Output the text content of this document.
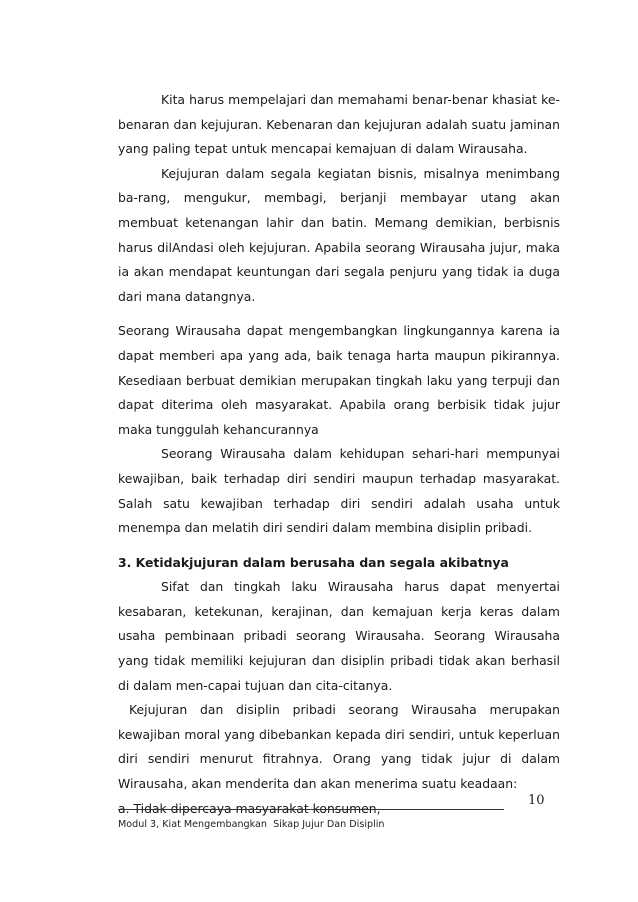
Kita harus mempelajari dan memahami benar-benar khasiat ke-benaran dan kejujuran. Kebenaran dan kejujuran adalah suatu jaminan yang paling tepat untuk mencapai kemajuan di dalam Wirausaha.

Kejujuran dalam segala kegiatan bisnis, misalnya menimbang ba-rang, mengukur, membagi, berjanji membayar utang akan membuat ketenangan lahir dan batin. Memang demikian, berbisnis harus dilAndasi oleh kejujuran. Apabila seorang Wirausaha jujur, maka ia akan mendapat keuntungan dari segala penjuru yang tidak ia duga dari mana datangnya.

Seorang Wirausaha dapat mengembangkan lingkungannya karena ia dapat memberi apa yang ada, baik tenaga harta maupun pikirannya. Kesediaan berbuat demikian merupakan tingkah laku yang terpuji dan dapat diterima oleh masyarakat. Apabila orang berbisik tidak jujur maka tunggulah kehancurannya

Seorang Wirausaha dalam kehidupan sehari-hari mempunyai kewajiban, baik terhadap diri sendiri maupun terhadap masyarakat. Salah satu kewajiban terhadap diri sendiri adalah usaha untuk menempa dan melatih diri sendiri dalam membina disiplin pribadi.

3. Ketidakjujuran dalam berusaha dan segala akibatnya

Sifat dan tingkah laku Wirausaha harus dapat menyertai kesabaran, ketekunan, kerajinan, dan kemajuan kerja keras dalam usaha pembinaan pribadi seorang Wirausaha. Seorang Wirausaha yang tidak memiliki kejujuran dan disiplin pribadi tidak akan berhasil di dalam men-capai tujuan dan cita-citanya.

Kejujuran dan disiplin pribadi seorang Wirausaha merupakan kewajiban moral yang dibebankan kepada diri sendiri, untuk keperluan diri sendiri menurut fitrahnya. Orang yang tidak jujur di dalam Wirausaha, akan menderita dan akan menerima suatu keadaan:

a. Tidak dipercaya masyarakat konsumen,

10
Modul 3, Kiat Mengembangkan  Sikap Jujur Dan Disiplin
